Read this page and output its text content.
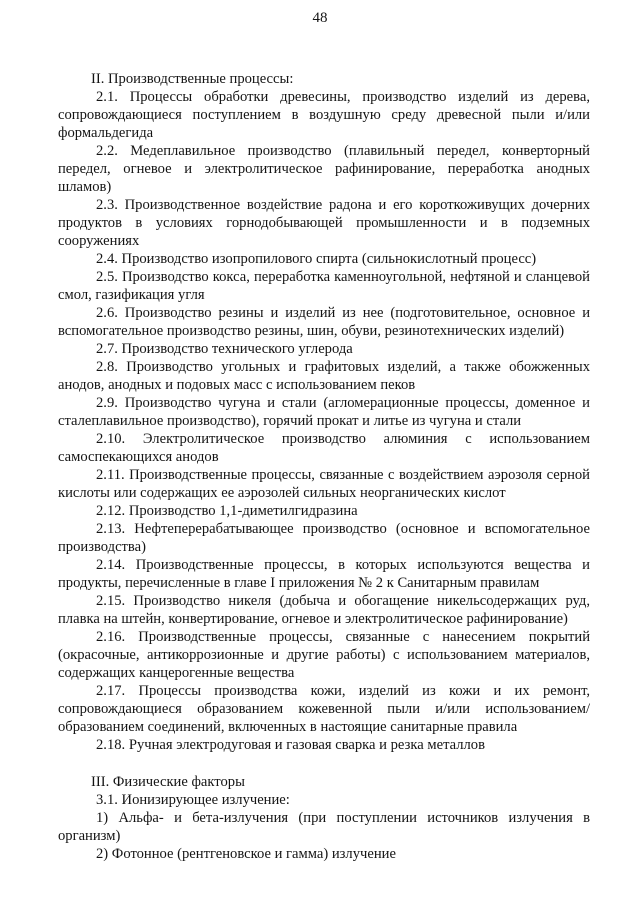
48

II. Производственные процессы:

2.1. Процессы обработки древесины, производство изделий из дерева, сопровождающиеся поступлением в воздушную среду древесной пыли и/или формальдегида

2.2. Медеплавильное производство (плавильный передел, конверторный передел, огневое и электролитическое рафинирование, переработка анодных шламов)

2.3. Производственное воздействие радона и его короткоживущих дочерних продуктов в условиях горнодобывающей промышленности и в подземных сооружениях

2.4. Производство изопропилового спирта (сильнокислотный процесс)

2.5. Производство кокса, переработка каменноугольной, нефтяной и сланцевой смол, газификация угля

2.6. Производство резины и изделий из нее (подготовительное, основное и вспомогательное производство резины, шин, обуви, резинотехнических изделий)

2.7. Производство технического углерода

2.8. Производство угольных и графитовых изделий, а также обожженных анодов, анодных и подовых масс с использованием пеков

2.9. Производство чугуна и стали (агломерационные процессы, доменное и сталеплавильное производство), горячий прокат и литье из чугуна и стали

2.10. Электролитическое производство алюминия с использованием самоспекающихся анодов

2.11. Производственные процессы, связанные с воздействием аэрозоля серной кислоты или содержащих ее аэрозолей сильных неорганических кислот

2.12. Производство 1,1-диметилгидразина

2.13. Нефтеперерабатывающее производство (основное и вспомогательное производства)

2.14. Производственные процессы, в которых используются вещества и продукты, перечисленные в главе I приложения № 2 к Санитарным правилам

2.15. Производство никеля (добыча и обогащение никельсодержащих руд, плавка на штейн, конвертирование, огневое и электролитическое рафинирование)

2.16. Производственные процессы, связанные с нанесением покрытий (окрасочные, антикоррозионные и другие работы) с использованием материалов, содержащих канцерогенные вещества

2.17. Процессы производства кожи, изделий из кожи и их ремонт, сопровождающиеся образованием кожевенной пыли и/или использованием/образованием соединений, включенных в настоящие санитарные правила

2.18. Ручная электродуговая и газовая сварка и резка металлов

III. Физические факторы

3.1. Ионизирующее излучение:

1) Альфа- и бета-излучения (при поступлении источников излучения в организм)

2) Фотонное (рентгеновское и гамма) излучение
